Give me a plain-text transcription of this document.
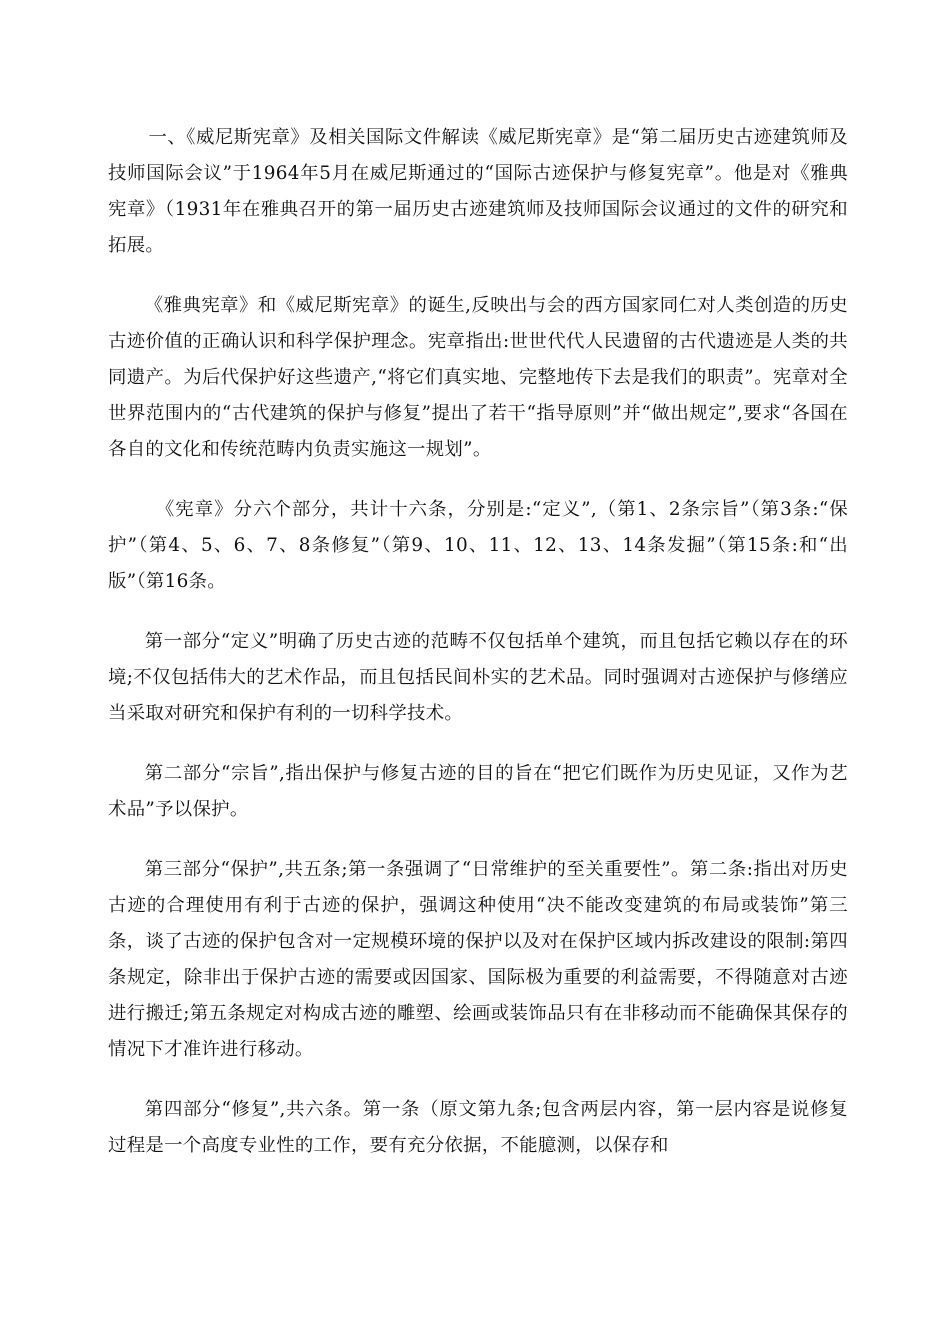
一、《威尼斯宪章》及相关国际文件解读《威尼斯宪章》是“第二届历史古迹建筑师及技师国际会议”于1964年5月在威尼斯通过的“国际古迹保护与修复宪章”。他是对《雅典宪章》（1931年在雅典召开的第一届历史古迹建筑师及技师国际会议通过的文件的研究和拓展。

《雅典宪章》和《威尼斯宪章》的诞生,反映出与会的西方国家同仁对人类创造的历史古迹价值的正确认识和科学保护理念。宪章指出:世世代代人民遗留的古代遗迹是人类的共同遗产。为后代保护好这些遗产,“将它们真实地、完整地传下去是我们的职责”。宪章对全世界范围内的“古代建筑的保护与修复”提出了若干“指导原则”并“做出规定”,要求“各国在各自的文化和传统范畴内负责实施这一规划”。

《宪章》分六个部分，共计十六条，分别是:“定义”,（第1、2条宗旨”（第3条:“保护”（第4、5、6、7、8条修复”（第9、10、11、12、13、14条发掘”（第15条:和“出版”（第16条。

第一部分“定义”明确了历史古迹的范畴不仅包括单个建筑，而且包括它赖以存在的环境;不仅包括伟大的艺术作品，而且包括民间朴实的艺术品。同时强调对古迹保护与修缮应当采取对研究和保护有利的一切科学技术。

第二部分“宗旨”,指出保护与修复古迹的目的旨在“把它们既作为历史见证，又作为艺术品”予以保护。

第三部分“保护”,共五条;第一条强调了“日常维护的至关重要性”。第二条:指出对历史古迹的合理使用有利于古迹的保护，强调这种使用“决不能改变建筑的布局或装饰”第三条，谈了古迹的保护包含对一定规模环境的保护以及对在保护区域内拆改建设的限制:第四条规定，除非出于保护古迹的需要或因国家、国际极为重要的利益需要，不得随意对古迹进行搬迁;第五条规定对构成古迹的雕塑、绘画或装饰品只有在非移动而不能确保其保存的情况下才准许进行移动。

第四部分“修复”,共六条。第一条（原文第九条;包含两层内容，第一层内容是说修复过程是一个高度专业性的工作，要有充分依据，不能臆测，以保存和
